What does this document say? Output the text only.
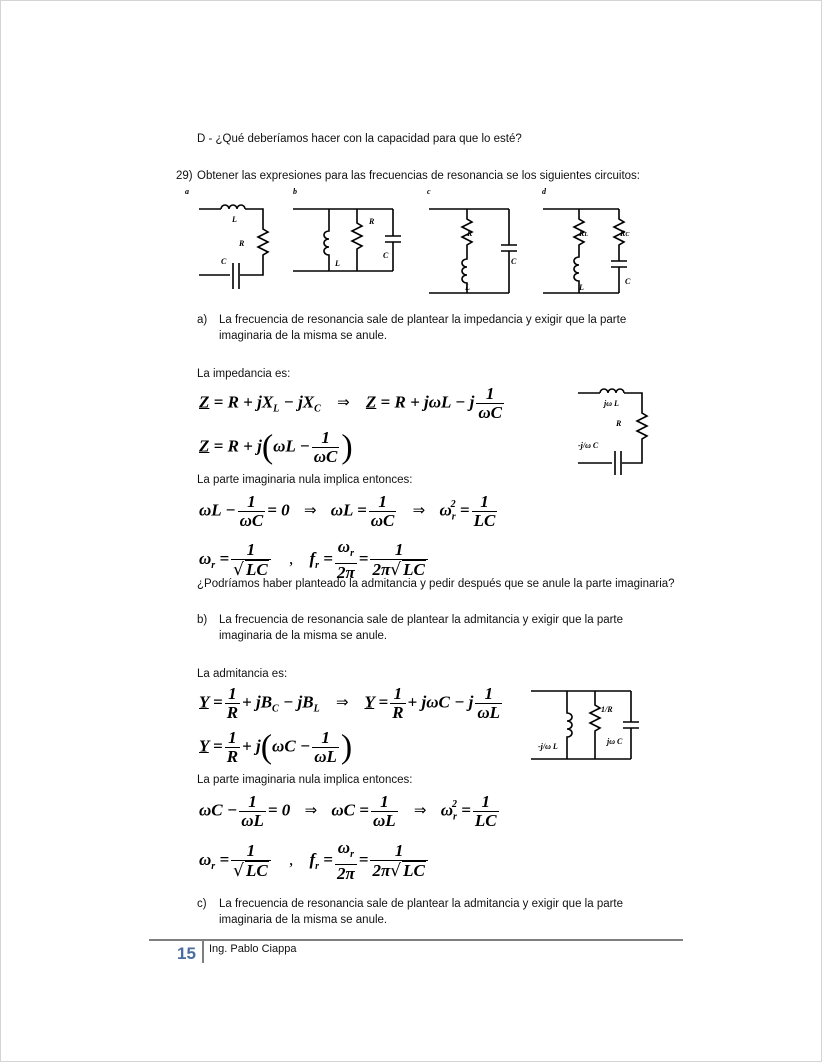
D - ¿Qué deberíamos hacer con la capacidad para que lo esté?
29) Obtener las expresiones para las frecuencias de resonancia se los siguientes circuitos:
a	b	c	d
L
R
C
R
L
C
R
L
C
RL	RC
L
C
a) La frecuencia de resonancia sale de plantear la impedancia y exigir que la parte
imaginaria de la misma se anule.
La impedancia es:
$Z = R + jX_L - jX_C$ ⇒ Z = R + jωL − j $\frac{1}{\omega C}$
$Z = R + j(\omega L - \frac{1}{\omega C}$ )
jω L
R
-j/ω C
La parte imaginaria nula implica entonces:
$\omega L - \frac{1}{\omega C} = 0$ ⇒ $\omega L = \frac{1}{\omega C}$ ⇒ $\omega_r^2 = \frac{1}{LC}$
$\omega_r = \frac{1}{√ LC}$ , $f_r = \frac{\omega_r}{2\pi} = \frac{1}{2\pi√ LC}$
¿Podríamos haber planteado la admitancia y pedir después que se anule la parte imaginaria?
b) La frecuencia de resonancia sale de plantear la admitancia y exigir que la parte
imaginaria de la misma se anule.
La admitancia es:
$Y = \frac{1}{R} + jB_C - jB_L$ ⇒ $Y = \frac{1}{R} + j\omega C - j \frac{1}{\omega L}$
$Y = \frac{1}{R} + j(\omega C - \frac{1}{\omega L}$ )	-j/ω L
1/R
jω C
La parte imaginaria nula implica entonces:
$\omega C - \frac{1}{\omega L} = 0$ ⇒ $\omega C = \frac{1}{\omega L}$ ⇒ $\omega_r^2 = \frac{1}{LC}$
$\omega_r = \frac{1}{√ LC}$ , $f_r = \frac{\omega_r}{2\pi} = \frac{1}{2\pi√ LC}$
c) La frecuencia de resonancia sale de plantear la admitancia y exigir que la parte
imaginaria de la misma se anule.
15 Ing. Pablo Ciappa
